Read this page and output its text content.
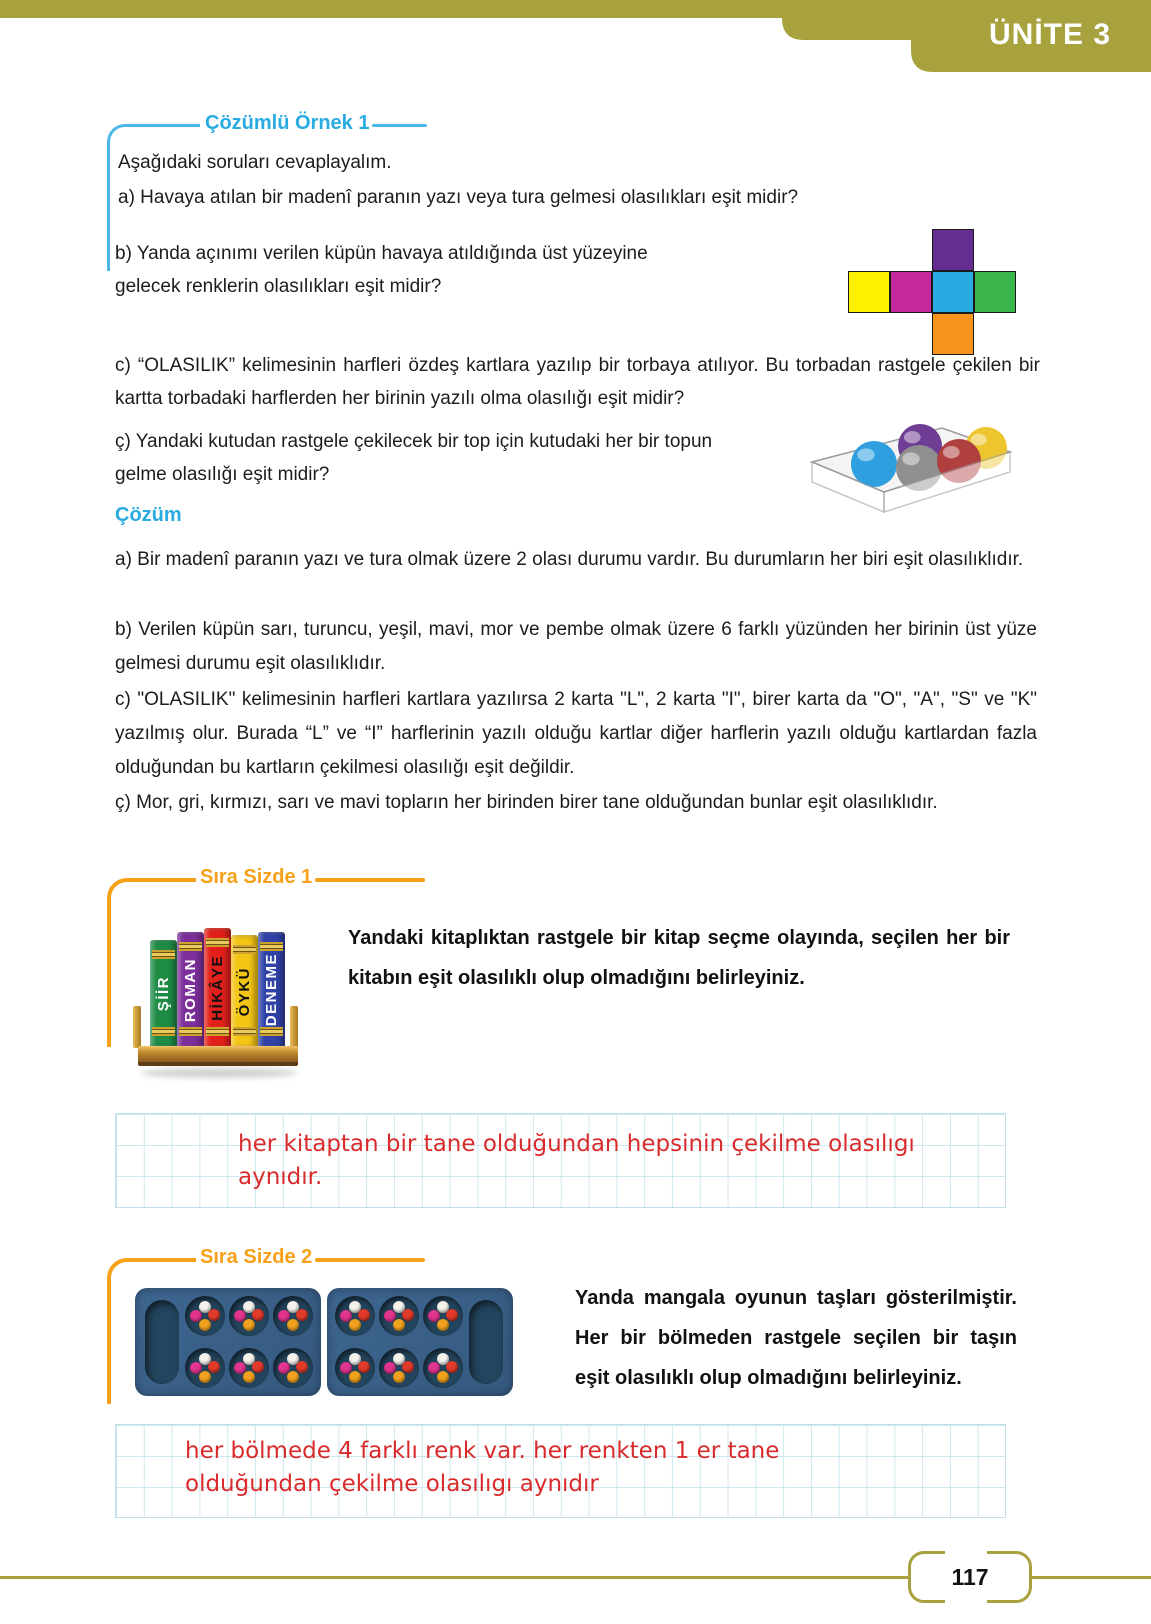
ÜNİTE 3
Çözümlü Örnek 1
Aşağıdaki soruları cevaplayalım.
a) Havaya atılan bir madenî paranın yazı veya tura gelmesi olasılıkları eşit midir?
b) Yanda açınımı verilen küpün havaya atıldığında üst yüzeyine
gelecek renklerin olasılıkları eşit midir?
c) “OLASILIK” kelimesinin harfleri özdeş kartlara yazılıp bir torbaya atılıyor. Bu torbadan rastgele çekilen bir kartta torbadaki harflerden her birinin yazılı olma olasılığı eşit midir?
ç) Yandaki kutudan rastgele çekilecek bir top için kutudaki her bir topun
gelme olasılığı eşit midir?
Çözüm
a) Bir madenî paranın yazı ve tura olmak üzere 2 olası durumu vardır. Bu durumların her biri eşit olasılıklıdır.
b) Verilen küpün sarı, turuncu, yeşil, mavi, mor ve pembe olmak üzere 6 farklı yüzünden her birinin üst yüze gelmesi durumu eşit olasılıklıdır.
c) "OLASILIK" kelimesinin harfleri kartlara yazılırsa 2 karta "L", 2 karta "I", birer karta da "O", "A", "S" ve "K" yazılmış olur. Burada “L” ve “I” harflerinin yazılı olduğu kartlar diğer harflerin yazılı olduğu kartlardan fazla olduğundan bu kartların çekilmesi olasılığı eşit değildir.
ç) Mor, gri, kırmızı, sarı ve mavi topların her birinden birer tane olduğundan bunlar eşit olasılıklıdır.
Sıra Sizde 1
ŞİİR ROMAN HİKÂYE ÖYKÜ DENEME
Yandaki kitaplıktan rastgele bir kitap seçme olayında, seçilen her bir kitabın eşit olasılıklı olup olmadığını belirleyiniz.
her kitaptan bir tane olduğundan hepsinin çekilme olasılıgı
aynıdır.
Sıra Sizde 2
Yanda mangala oyunun taşları gösterilmiştir. Her bir bölmeden rastgele seçilen bir taşın eşit olasılıklı olup olmadığını belirleyiniz.
her bölmede 4 farklı renk var. her renkten 1 er tane
olduğundan çekilme olasılıgı aynıdır
117
